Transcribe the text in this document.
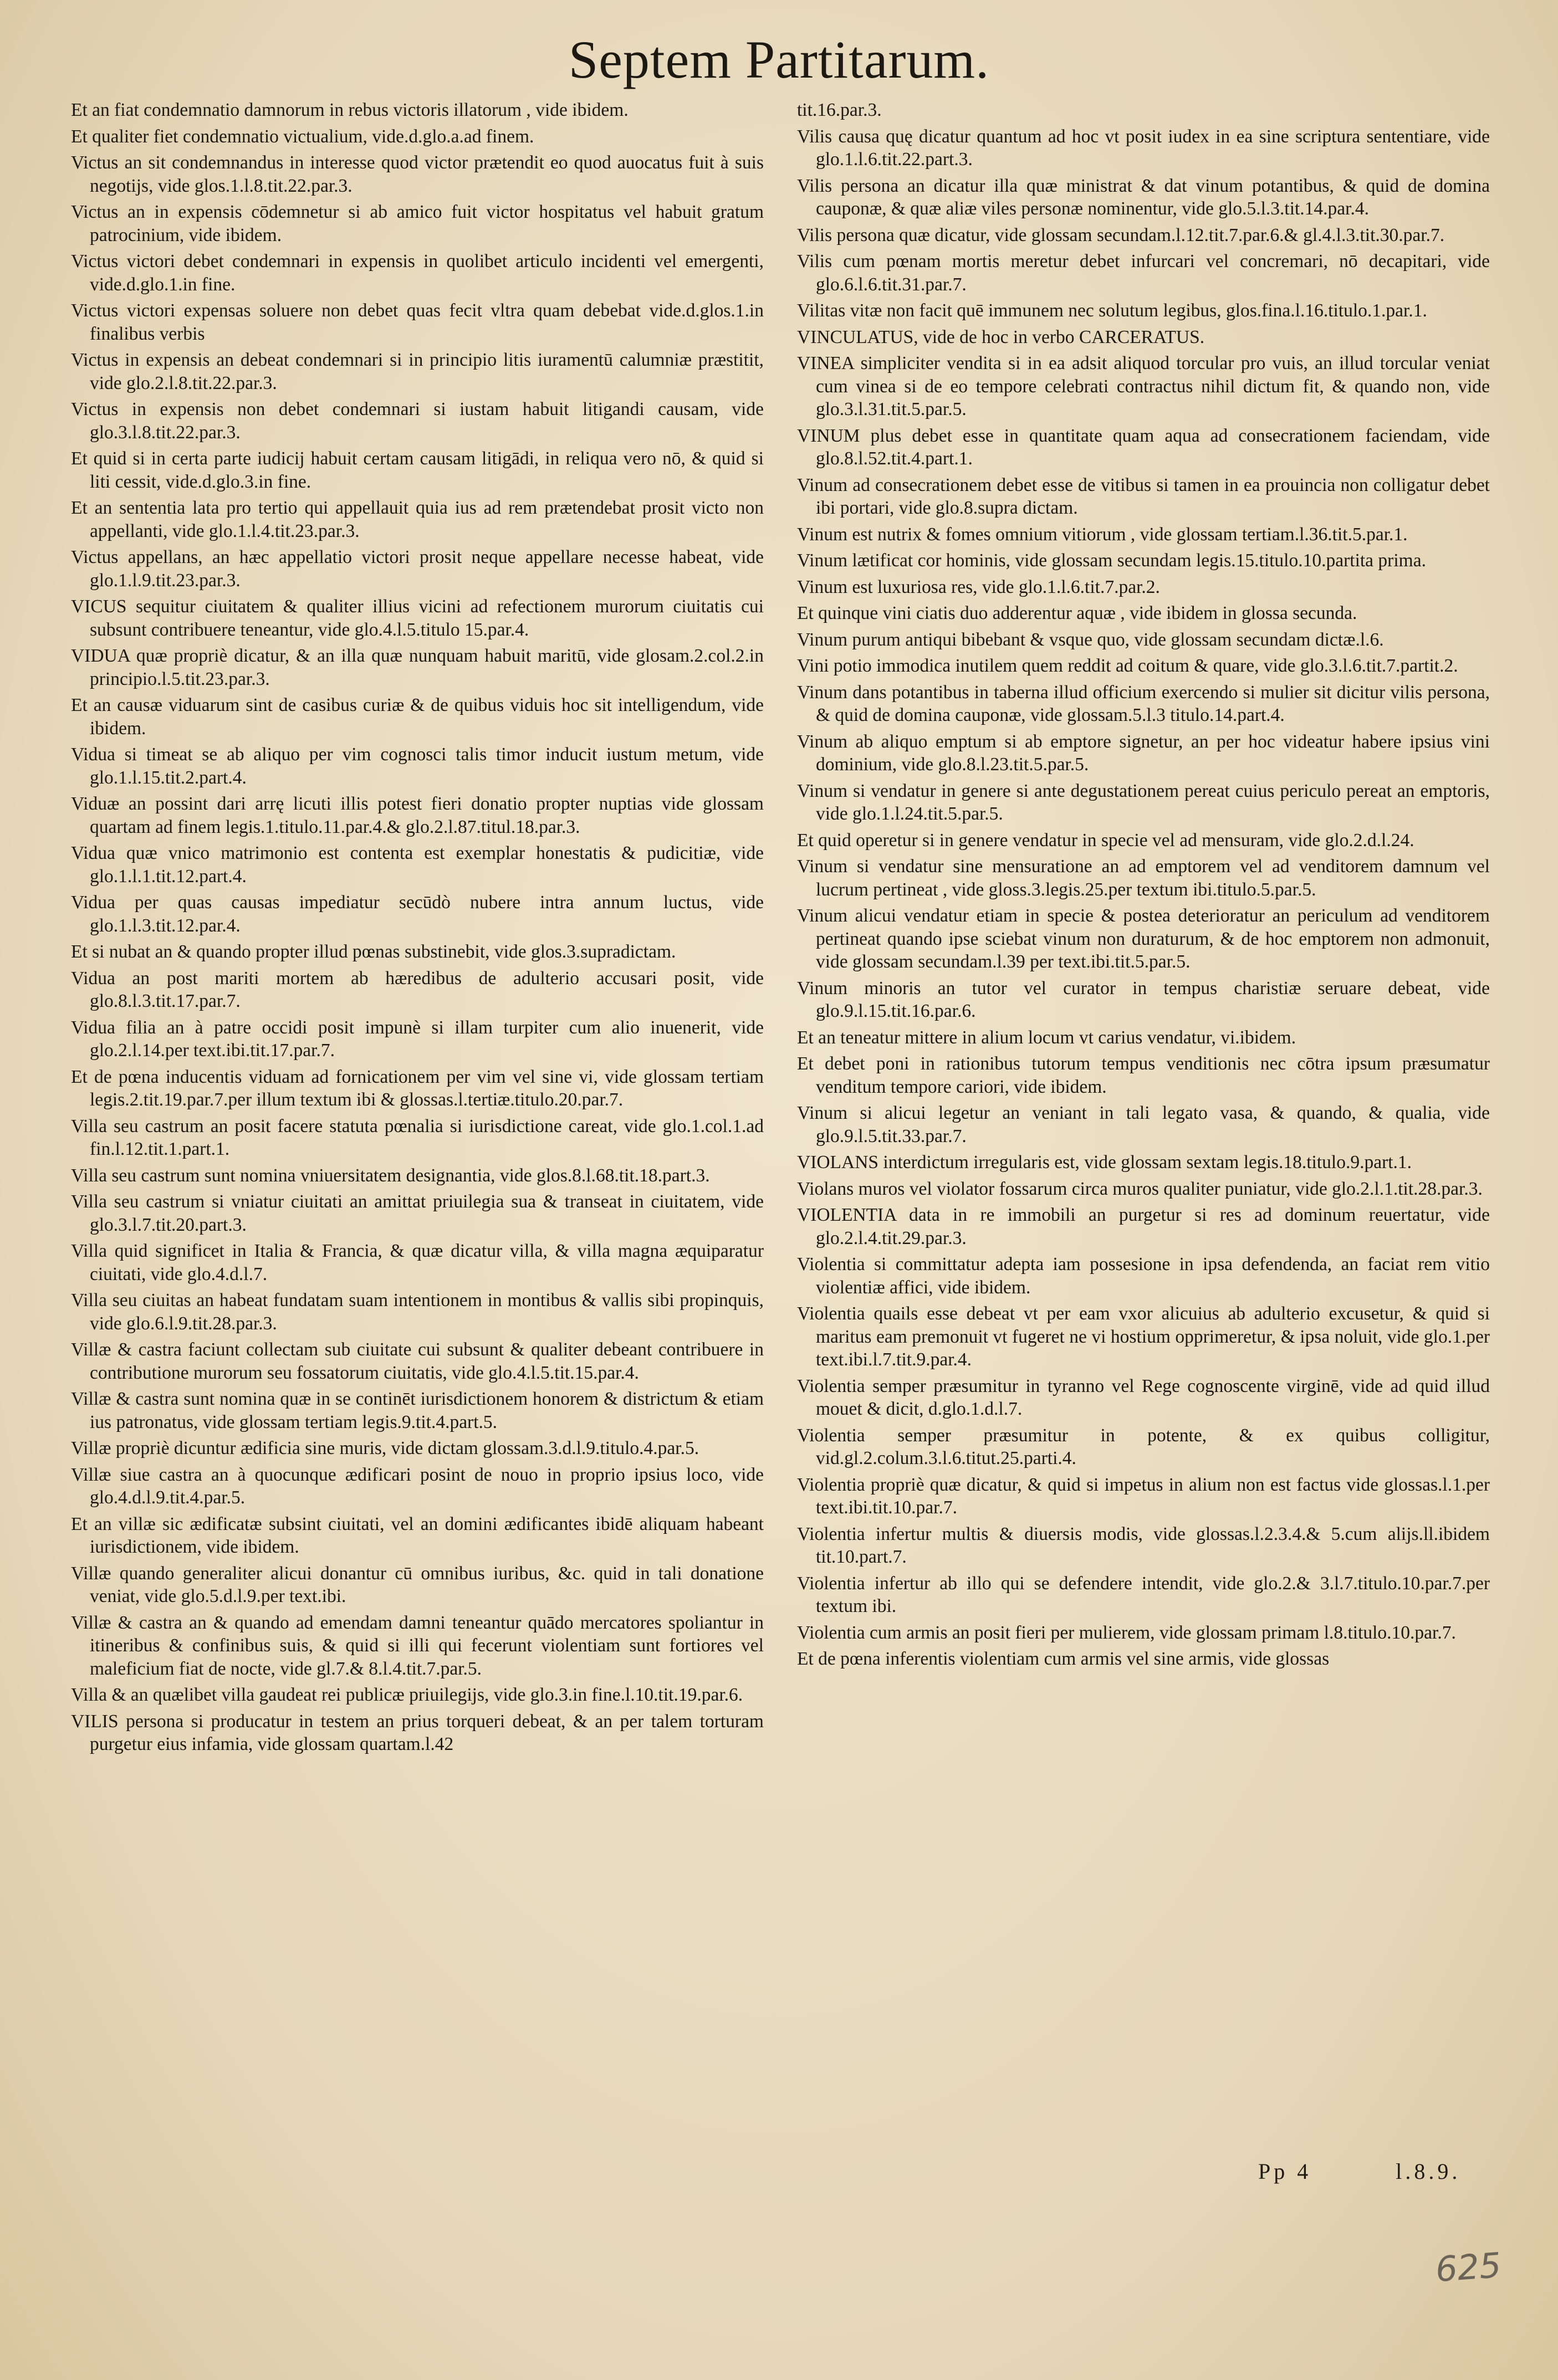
Septem Partitarum.

Et an fiat condemnatio damnorum in rebus victoris illatorum , vide ibidem.

Et qualiter fiet condemnatio victualium, vide.d.glo.a.ad finem.

Victus an sit condemnandus in interesse quod victor prætendit eo quod auocatus fuit à suis negotijs, vide glos.1.l.8.tit.22.par.3.

Victus an in expensis cōdemnetur si ab amico fuit victor hospitatus vel habuit gratum patrocinium, vide ibidem.

Victus victori debet condemnari in expensis in quolibet articulo incidenti vel emergenti, vide.d.glo.1.in fine.

Victus victori expensas soluere non debet quas fecit vltra quam debebat vide.d.glos.1.in finalibus verbis

Victus in expensis an debeat condemnari si in principio litis iuramentū calumniæ præstitit, vide glo.2.l.8.tit.22.par.3.

Victus in expensis non debet condemnari si iustam habuit litigandi causam, vide glo.3.l.8.tit.22.par.3.

Et quid si in certa parte iudicij habuit certam causam litigādi, in reliqua vero nō, & quid si liti cessit, vide.d.glo.3.in fine.

Et an sententia lata pro tertio qui appellauit quia ius ad rem prætendebat prosit victo non appellanti, vide glo.1.l.4.tit.23.par.3.

Victus appellans, an hæc appellatio victori prosit neque appellare necesse habeat, vide glo.1.l.9.tit.23.par.3.

VICUS sequitur ciuitatem & qualiter illius vicini ad refectionem murorum ciuitatis cui subsunt contribuere teneantur, vide glo.4.l.5.titulo 15.par.4.

VIDUA quæ propriè dicatur, & an illa quæ nunquam habuit maritū, vide glosam.2.col.2.in principio.l.5.tit.23.par.3.

Et an causæ viduarum sint de casibus curiæ & de quibus viduis hoc sit intelligendum, vide ibidem.

Vidua si timeat se ab aliquo per vim cognosci talis timor inducit iustum metum, vide glo.1.l.15.tit.2.part.4.

Viduæ an possint dari arrę licuti illis potest fieri donatio propter nuptias vide glossam quartam ad finem legis.1.titulo.11.par.4.& glo.2.l.87.titul.18.par.3.

Vidua quæ vnico matrimonio est contenta est exemplar honestatis & pudicitiæ, vide glo.1.l.1.tit.12.part.4.

Vidua per quas causas impediatur secūdò nubere intra annum luctus, vide glo.1.l.3.tit.12.par.4.

Et si nubat an & quando propter illud pœnas substinebit, vide glos.3.supradictam.

Vidua an post mariti mortem ab hæredibus de adulterio accusari posit, vide glo.8.l.3.tit.17.par.7.

Vidua filia an à patre occidi posit impunè si illam turpiter cum alio inuenerit, vide glo.2.l.14.per text.ibi.tit.17.par.7.

Et de pœna inducentis viduam ad fornicationem per vim vel sine vi, vide glossam tertiam legis.2.tit.19.par.7.per illum textum ibi & glossas.l.tertiæ.titulo.20.par.7.

Villa seu castrum an posit facere statuta pœnalia si iurisdictione careat, vide glo.1.col.1.ad fin.l.12.tit.1.part.1.

Villa seu castrum sunt nomina vniuersitatem designantia, vide glos.8.l.68.tit.18.part.3.

Villa seu castrum si vniatur ciuitati an amittat priuilegia sua & transeat in ciuitatem, vide glo.3.l.7.tit.20.part.3.

Villa quid significet in Italia & Francia, & quæ dicatur villa, & villa magna æquiparatur ciuitati, vide glo.4.d.l.7.

Villa seu ciuitas an habeat fundatam suam intentionem in montibus & vallis sibi propinquis, vide glo.6.l.9.tit.28.par.3.

Villæ & castra faciunt collectam sub ciuitate cui subsunt & qualiter debeant contribuere in contributione murorum seu fossatorum ciuitatis, vide glo.4.l.5.tit.15.par.4.

Villæ & castra sunt nomina quæ in se continēt iurisdictionem honorem & districtum & etiam ius patronatus, vide glossam tertiam legis.9.tit.4.part.5.

Villæ propriè dicuntur ædificia sine muris, vide dictam glossam.3.d.l.9.titulo.4.par.5.

Villæ siue castra an à quocunque ædificari posint de nouo in proprio ipsius loco, vide glo.4.d.l.9.tit.4.par.5.

Et an villæ sic ædificatæ subsint ciuitati, vel an domini ædificantes ibidē aliquam habeant iurisdictionem, vide ibidem.

Villæ quando generaliter alicui donantur cū omnibus iuribus, &c. quid in tali donatione veniat, vide glo.5.d.l.9.per text.ibi.

Villæ & castra an & quando ad emendam damni teneantur quādo mercatores spoliantur in itineribus & confinibus suis, & quid si illi qui fecerunt violentiam sunt fortiores vel maleficium fiat de nocte, vide gl.7.& 8.l.4.tit.7.par.5.

Villa & an quælibet villa gaudeat rei publicæ priuilegijs, vide glo.3.in fine.l.10.tit.19.par.6.

VILIS persona si producatur in testem an prius torqueri debeat, & an per talem torturam purgetur eius infamia, vide glossam quartam.l.42

tit.16.par.3.

Vilis causa quę dicatur quantum ad hoc vt posit iudex in ea sine scriptura sententiare, vide glo.1.l.6.tit.22.part.3.

Vilis persona an dicatur illa quæ ministrat & dat vinum potantibus, & quid de domina cauponæ, & quæ aliæ viles personæ nominentur, vide glo.5.l.3.tit.14.par.4.

Vilis persona quæ dicatur, vide glossam secundam.l.12.tit.7.par.6.& gl.4.l.3.tit.30.par.7.

Vilis cum pœnam mortis meretur debet infurcari vel concremari, nō decapitari, vide glo.6.l.6.tit.31.par.7.

Vilitas vitæ non facit quē immunem nec solutum legibus, glos.fina.l.16.titulo.1.par.1.

VINCULATUS, vide de hoc in verbo CARCERATUS.

VINEA simpliciter vendita si in ea adsit aliquod torcular pro vuis, an illud torcular veniat cum vinea si de eo tempore celebrati contractus nihil dictum fit, & quando non, vide glo.3.l.31.tit.5.par.5.

VINUM plus debet esse in quantitate quam aqua ad consecrationem faciendam, vide glo.8.l.52.tit.4.part.1.

Vinum ad consecrationem debet esse de vitibus si tamen in ea prouincia non colligatur debet ibi portari, vide glo.8.supra dictam.

Vinum est nutrix & fomes omnium vitiorum , vide glossam tertiam.l.36.tit.5.par.1.

Vinum lætificat cor hominis, vide glossam secundam legis.15.titulo.10.partita prima.

Vinum est luxuriosa res, vide glo.1.l.6.tit.7.par.2.

Et quinque vini ciatis duo adderentur aquæ , vide ibidem in glossa secunda.

Vinum purum antiqui bibebant & vsque quo, vide glossam secundam dictæ.l.6.

Vini potio immodica inutilem quem reddit ad coitum & quare, vide glo.3.l.6.tit.7.partit.2.

Vinum dans potantibus in taberna illud officium exercendo si mulier sit dicitur vilis persona, & quid de domina cauponæ, vide glossam.5.l.3 titulo.14.part.4.

Vinum ab aliquo emptum si ab emptore signetur, an per hoc videatur habere ipsius vini dominium, vide glo.8.l.23.tit.5.par.5.

Vinum si vendatur in genere si ante degustationem pereat cuius periculo pereat an emptoris, vide glo.1.l.24.tit.5.par.5.

Et quid operetur si in genere vendatur in specie vel ad mensuram, vide glo.2.d.l.24.

Vinum si vendatur sine mensuratione an ad emptorem vel ad venditorem damnum vel lucrum pertineat , vide gloss.3.legis.25.per textum ibi.titulo.5.par.5.

Vinum alicui vendatur etiam in specie & postea deterioratur an periculum ad venditorem pertineat quando ipse sciebat vinum non duraturum, & de hoc emptorem non admonuit, vide glossam secundam.l.39 per text.ibi.tit.5.par.5.

Vinum minoris an tutor vel curator in tempus charistiæ seruare debeat, vide glo.9.l.15.tit.16.par.6.

Et an teneatur mittere in alium locum vt carius vendatur, vi.ibidem.

Et debet poni in rationibus tutorum tempus venditionis nec cōtra ipsum præsumatur venditum tempore cariori, vide ibidem.

Vinum si alicui legetur an veniant in tali legato vasa, & quando, & qualia, vide glo.9.l.5.tit.33.par.7.

VIOLANS interdictum irregularis est, vide glossam sextam legis.18.titulo.9.part.1.

Violans muros vel violator fossarum circa muros qualiter puniatur, vide glo.2.l.1.tit.28.par.3.

VIOLENTIA data in re immobili an purgetur si res ad dominum reuertatur, vide glo.2.l.4.tit.29.par.3.

Violentia si committatur adepta iam possesione in ipsa defendenda, an faciat rem vitio violentiæ affici, vide ibidem.

Violentia quails esse debeat vt per eam vxor alicuius ab adulterio excusetur, & quid si maritus eam premonuit vt fugeret ne vi hostium opprimeretur, & ipsa noluit, vide glo.1.per text.ibi.l.7.tit.9.par.4.

Violentia semper præsumitur in tyranno vel Rege cognoscente virginē, vide ad quid illud mouet & dicit, d.glo.1.d.l.7.

Violentia semper præsumitur in potente, & ex quibus colligitur, vid.gl.2.colum.3.l.6.titut.25.parti.4.

Violentia propriè quæ dicatur, & quid si impetus in alium non est factus vide glossas.l.1.per text.ibi.tit.10.par.7.

Violentia infertur multis & diuersis modis, vide glossas.l.2.3.4.& 5.cum alijs.ll.ibidem tit.10.part.7.

Violentia infertur ab illo qui se defendere intendit, vide glo.2.& 3.l.7.titulo.10.par.7.per textum ibi.

Violentia cum armis an posit fieri per mulierem, vide glossam primam l.8.titulo.10.par.7.

Et de pœna inferentis violentiam cum armis vel sine armis, vide glossas

Pp 4	l.8.9.
625
